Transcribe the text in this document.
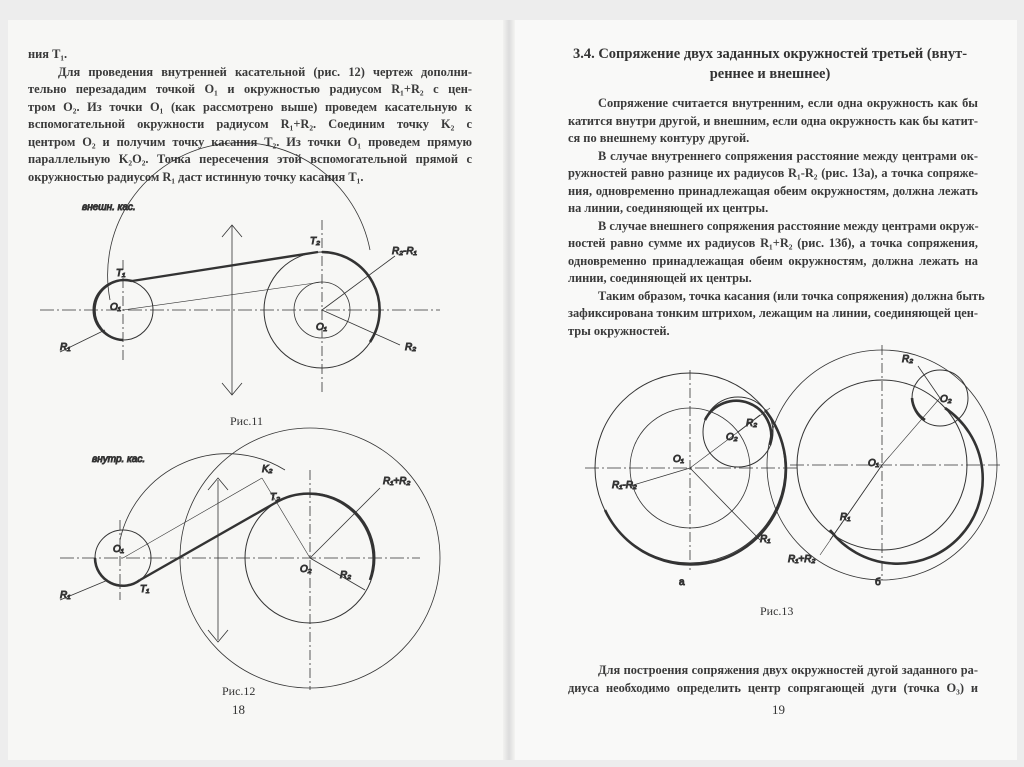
ния T₁.
Для проведения внутренней касательной (рис. 12) чертеж дополни-
тельно перезададим точкой O₁ и окружностью радиусом R₁+R₂ с цен-
тром O₂. Из точки O₁ (как рассмотрено выше) проведем касательную к
вспомогательной окружности радиусом R₁+R₂. Соединим точку K₂ с
центром O₂ и получим точку касания T₂. Из точки O₁ проведем прямую
параллельную K₂O₂. Точка пересечения этой вспомогательной прямой с
окружностью радиусом R₁ даст истинную точку касания T₁.
3.4. Сопряжение двух заданных окружностей третьей (внут-
реннее и внешнее)
Сопряжение считается внутренним, если одна окружность как бы
катится внутри другой, и внешним, если одна окружность как бы катит-
ся по внешнему контуру другой.
В случае внутреннего сопряжения расстояние между центрами ок-
ружностей равно разнице их радиусов R₁-R₂ (рис. 13а), а точка сопряже-
ния, одновременно принадлежащая обеим окружностям, должна лежать
на линии, соединяющей их центры.
В случае внешнего сопряжения расстояние между центрами окруж-
ностей равно сумме их радиусов R₁+R₂ (рис. 13б), а точка сопряжения,
одновременно принадлежащая обеим окружностям, должна лежать на
линии, соединяющей их центры.
Таким образом, точка касания (или точка сопряжения) должна быть
зафиксирована тонким штрихом, лежащим на линии, соединяющей цен-
тры окружностей.
Для построения сопряжения двух окружностей дугой заданного ра-
диуса необходимо определить центр сопрягающей дуги (точка O₃) и
Рис.11
Рис.12
Рис.13
18	19
O₁
O₁
T₁
T₂
R₁	R₂
R₂-R₁
внешн. кас.
O₁
O₂
K₂
T₂
T₁
R₁
R₂
R₁+R₂
внутр. кас.	O₁
O₂
R₂
R₁
R₁-R₂
а
O₁
O₂
R₂
R₁
R₁+R₂
б
